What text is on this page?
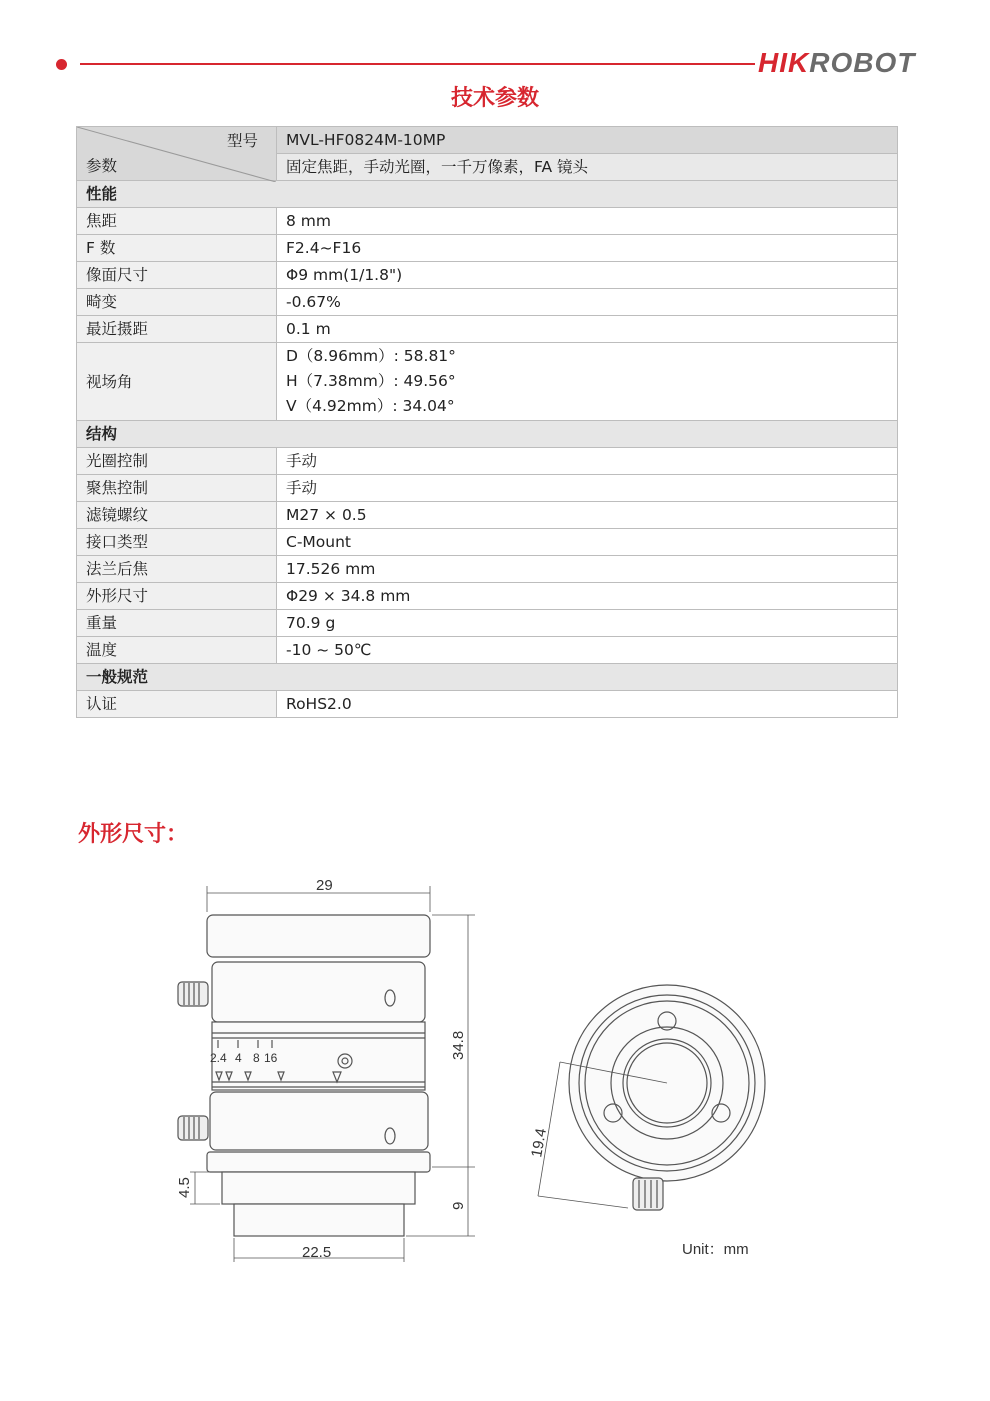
HIKROBOT
技术参数
型号
参数	MVL-HF0824M-10MP
	固定焦距，手动光圈，一千万像素，FA 镜头
性能	
焦距	8 mm

F 数	F2.4~F16

像面尺寸	Φ9 mm(1/1.8")

畸变	-0.67%

最近摄距	0.1 m

视场角	D（8.96mm）: 58.81°
H（7.38mm）: 49.56°
V（4.92mm）: 34.04°

结构	
光圈控制	手动

聚焦控制	手动

滤镜螺纹	M27 × 0.5

接口类型	C-Mount

法兰后焦	17.526 mm

外形尺寸	Φ29 × 34.8 mm

重量	70.9 g

温度	-10 ~ 50℃

一般规范	
认证	RoHS2.0
外形尺寸：
29
34.8
4.5
9
22.5
19.4
2.4 4 8 16
Unit：mm
